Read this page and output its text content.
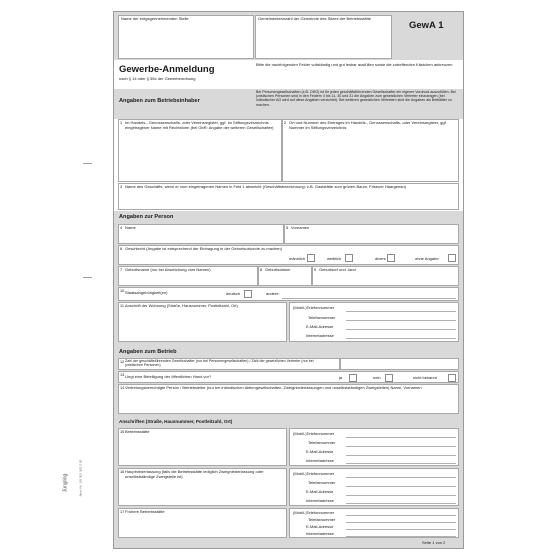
Jüngling	Best.-Nr. 192 052 3/01 0.00
Name der entgegennehmenden Stelle	Gemeindekennzahl der Gemeinde des Sitzes der Betriebsstätte
GewA 1
Gewerbe-Anmeldung
nach § 14 oder § 55c der Gewerbeordnung
Bitte die nachfolgenden Felder vollständig und gut lesbar ausfüllen sowie die zutreffenden Kästchen ankreuzen
Angaben zum Betriebsinhaber
Bei Personengesellschaften (z.B. OHG) ist für jeden geschäftsführenden Gesellschafter ein eigener Vordruck auszufüllen. Bei juristischen Personen sind in den Feldern 4 bis 11, 30 und 31 die Angaben zum gesetzlichen Vertreter einzutragen (bei inländischer AG wird auf diese Angaben verzichtet). Bei weiteren gesetzlichen Vertretern sind die Angaben als Beiblätter zu machen.
1 Im Handels-, Genossenschafts- oder Vereinsregister, ggf. im Stiftungsverzeichnis eingetragener Name mit Rechtsform (bei GbR: Angabe der weiteren Gesellschafter)
2 Ort und Nummer des Eintrages im Handels-, Genossenschafts- oder Vereinsregister, ggf. Nummer im Stiftungsverzeichnis
3 Name des Geschäfts, wenn er vom eingetragenen Namen in Feld 1 abweicht (Geschäftsbezeichnung: z.B. Gaststätte zum grünen Baum, Friseuer Haargenau)
Angaben zur Person
4 Name	5 Vornamen
6 Geschlecht (Angabe ist entsprechend der Eintragung in der Geburtsurkunde zu machen)
männlich	weiblich	divers	ohne Angabe
7 Geburtsname (nur bei Abweichung vom Namen)	8 Geburtsdatum	9 Geburtsort und -land
10 Staatsangehörigkeit(en)	deutsch	andere:
11 Anschrift der Wohnung (Straße, Hausnummer, Postleitzahl, Ort)	(Mobil-)Telefonnummer
Telefaxnummer
E-Mail-Adresse
Internetadresse
Angaben zum Betrieb
12 Zahl der geschäftsführenden Gesellschafter (nur bei Personengesellschaften) / Zahl der gesetzlichen Vertreter (nur bei juristischen Personen)
13 Liegt eine Beteiligung der öffentlichen Hand vor?	ja	nein	nicht bekannt
14 Vertretungsberechtigte Person / Betriebsleiter (nur bei inländischen Aktiengesellschaften, Zweigniederlassungen und unselbstständigen Zweigstellen) Name, Vornamen
Anschriften (Straße, Hausnummer, Postleitzahl, Ort)
15 Betriebsstätte	(Mobil-)Telefonnummer
Telefaxnummer
E-Mail-Adresse
Internetadresse
16 Hauptniederlassung (falls die Betriebsstätte lediglich Zweigniederlassung oder unselbstständige Zweigstelle ist)
(Mobil-)Telefonnummer
Telefaxnummer
E-Mail-Adresse
Internetadresse
17 Frühere Betriebsstätte	(Mobil-)Telefonnummer
Telefaxnummer
E-Mail-Adresse
Internetadresse
Seite 1 von 2
